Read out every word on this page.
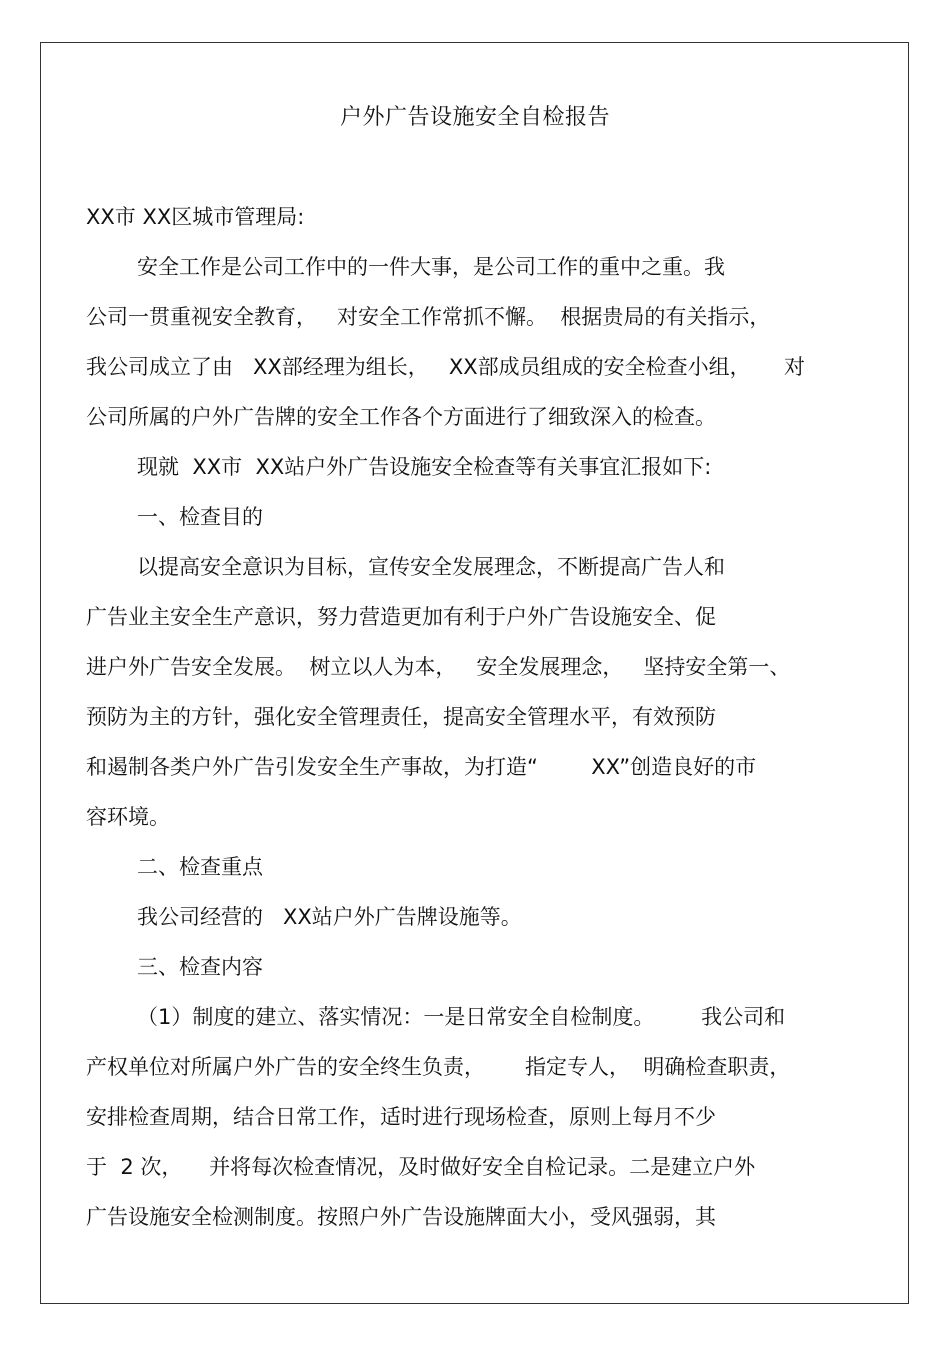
户外广告设施安全自检报告
XX市 XX区城市管理局:
安全工作是公司工作中的一件大事，是公司工作的重中之重。我
公司一贯重视安全教育，   对安全工作常抓不懈。  根据贵局的有关指示，
我公司成立了由   XX部经理为组长，   XX部成员组成的安全检查小组，     对
公司所属的户外广告牌的安全工作各个方面进行了细致深入的检查。
现就  XX市  XX站户外广告设施安全检查等有关事宜汇报如下:
一、检查目的
以提高安全意识为目标，宣传安全发展理念，不断提高广告人和
广告业主安全生产意识，努力营造更加有利于户外广告设施安全、促
进户外广告安全发展。  树立以人为本，   安全发展理念，   坚持安全第一、
预防为主的方针，强化安全管理责任，提高安全管理水平，有效预防
和遏制各类户外广告引发安全生产事故，为打造“        XX”创造良好的市
容环境。
二、检查重点
我公司经营的   XX站户外广告牌设施等。
三、检查内容
（1）制度的建立、落实情况：一是日常安全自检制度。       我公司和
产权单位对所属户外广告的安全终生负责，      指定专人，  明确检查职责，
安排检查周期，结合日常工作，适时进行现场检查，原则上每月不少
于  2 次，    并将每次检查情况，及时做好安全自检记录。二是建立户外
广告设施安全检测制度。按照户外广告设施牌面大小，受风强弱，其
